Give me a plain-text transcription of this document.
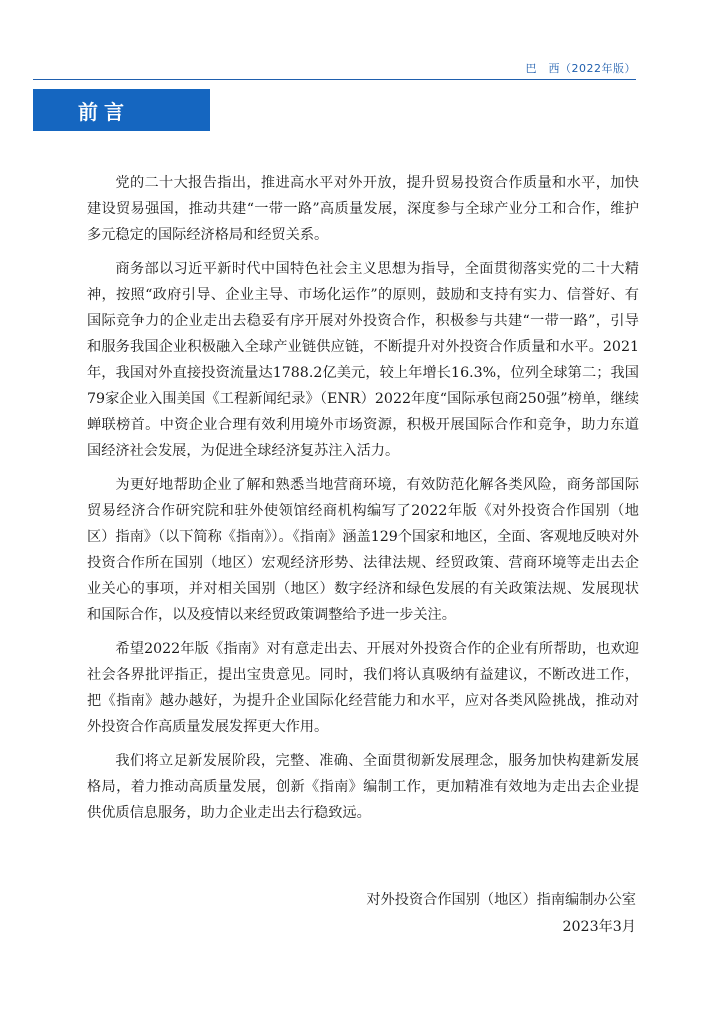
巴　西（2022年版）
前言

党的二十大报告指出，推进高水平对外开放，提升贸易投资合作质量和水平，加快建设贸易强国，推动共建“一带一路”高质量发展，深度参与全球产业分工和合作，维护多元稳定的国际经济格局和经贸关系。

商务部以习近平新时代中国特色社会主义思想为指导，全面贯彻落实党的二十大精神，按照“政府引导、企业主导、市场化运作”的原则，鼓励和支持有实力、信誉好、有国际竞争力的企业走出去稳妥有序开展对外投资合作，积极参与共建“一带一路”，引导和服务我国企业积极融入全球产业链供应链，不断提升对外投资合作质量和水平。2021年，我国对外直接投资流量达1788.2亿美元，较上年增长16.3%，位列全球第二；我国79家企业入围美国《工程新闻纪录》（ENR）2022年度“国际承包商250强”榜单，继续蝉联榜首。中资企业合理有效利用境外市场资源，积极开展国际合作和竞争，助力东道国经济社会发展，为促进全球经济复苏注入活力。

为更好地帮助企业了解和熟悉当地营商环境，有效防范化解各类风险，商务部国际贸易经济合作研究院和驻外使领馆经商机构编写了2022年版《对外投资合作国别（地区）指南》（以下简称《指南》）。《指南》涵盖129个国家和地区，全面、客观地反映对外投资合作所在国别（地区）宏观经济形势、法律法规、经贸政策、营商环境等走出去企业关心的事项，并对相关国别（地区）数字经济和绿色发展的有关政策法规、发展现状和国际合作，以及疫情以来经贸政策调整给予进一步关注。

希望2022年版《指南》对有意走出去、开展对外投资合作的企业有所帮助，也欢迎社会各界批评指正，提出宝贵意见。同时，我们将认真吸纳有益建议，不断改进工作，把《指南》越办越好，为提升企业国际化经营能力和水平，应对各类风险挑战，推动对外投资合作高质量发展发挥更大作用。

我们将立足新发展阶段，完整、准确、全面贯彻新发展理念，服务加快构建新发展格局，着力推动高质量发展，创新《指南》编制工作，更加精准有效地为走出去企业提供优质信息服务，助力企业走出去行稳致远。

对外投资合作国别（地区）指南编制办公室
2023年3月
